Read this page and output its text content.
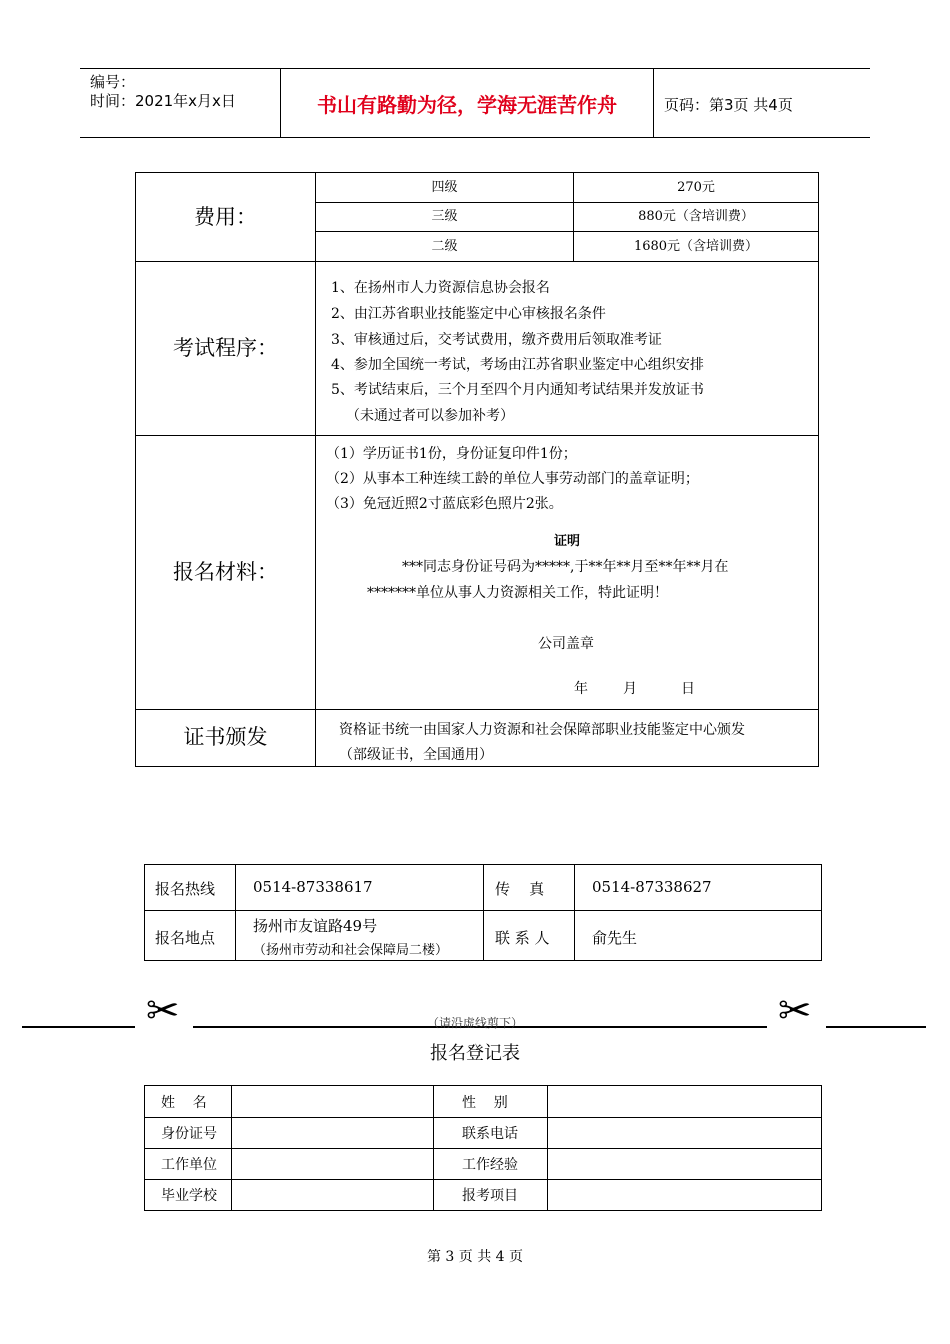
编号：
时间：2021年x月x日	书山有路勤为径，学海无涯苦作舟	页码：第3页 共4页
费用：
四级	270元
三级	880元（含培训费）
二级	1680元（含培训费）
考试程序：
1、在扬州市人力资源信息协会报名
2、由江苏省职业技能鉴定中心审核报名条件
3、审核通过后，交考试费用，缴齐费用后领取准考证
4、参加全国统一考试，考场由江苏省职业鉴定中心组织安排
5、考试结束后，三个月至四个月内通知考试结果并发放证书
（未通过者可以参加补考）
报名材料：
（1）学历证书1份，身份证复印件1份；
（2）从事本工种连续工龄的单位人事劳动部门的盖章证明；
（3）免冠近照2寸蓝底彩色照片2张。
证明
***同志身份证号码为*****,于**年**月至**年**月在
*******单位从事人力资源相关工作，特此证明！
公司盖章
年	月	日
证书颁发	资格证书统一由国家人力资源和社会保障部职业技能鉴定中心颁发
（部级证书，全国通用）
报名热线	0514-87338617	传    真	0514-87338627
报名地点
扬州市友谊路49号
（扬州市劳动和社会保障局二楼）
联 系 人	俞先生
✂	✂
（请沿虚线剪下）
报名登记表
姓    名	性    别
身份证号	联系电话
工作单位	工作经验
毕业学校	报考项目
第 3 页 共 4 页
